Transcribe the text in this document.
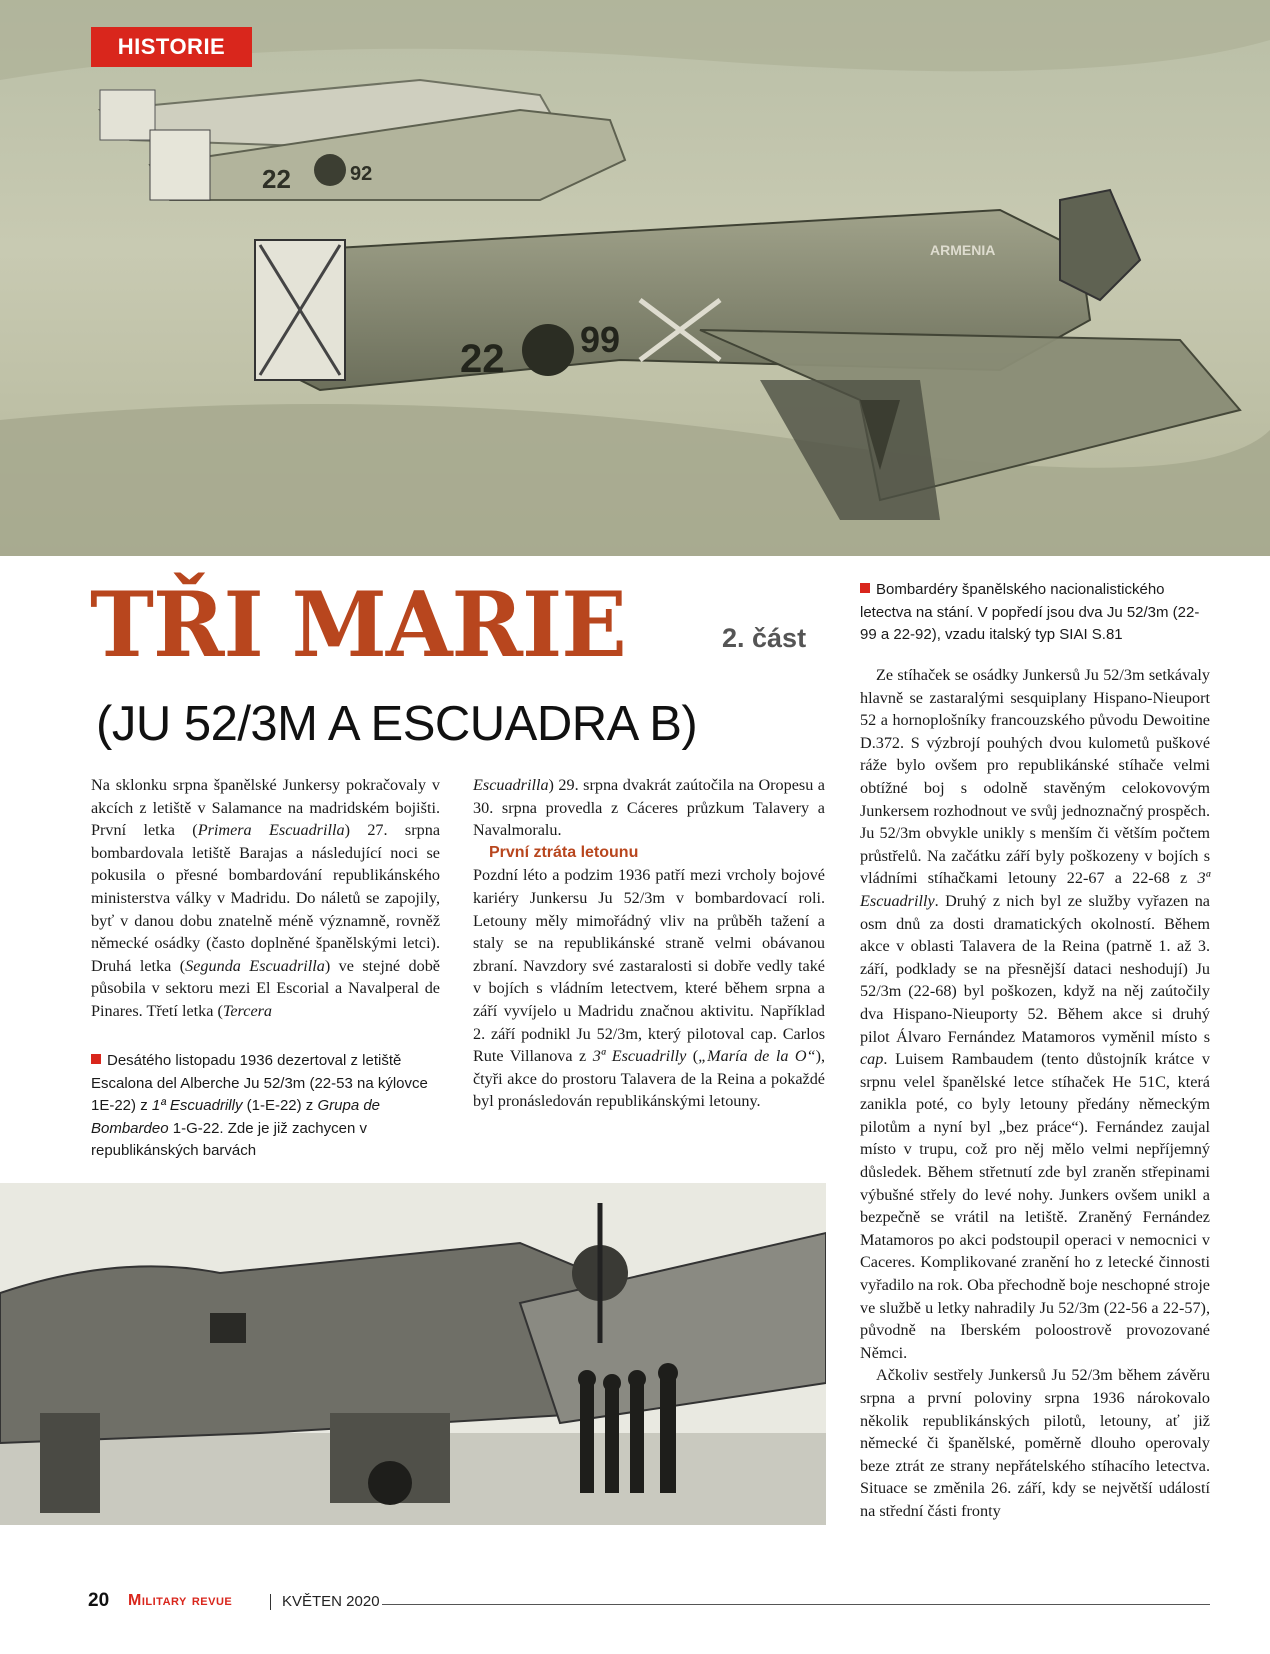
22	92
22 99
ARMENIA
HISTORIE
TŘI MARIE	2. část
(JU 52/3M A ESCUADRA B)
Bombardéry španělského nacionalistického letectva na stání. V popředí jsou dva Ju 52/3m (22-99 a 22-92), vzadu italský typ SIAI S.81
Desátého listopadu 1936 dezertoval z letiště Escalona del Alberche Ju 52/3m (22-53 na kýlovce 1E-22) z 1ª Escuadrilly (1-E-22) z Grupa de Bombardeo 1-G-22. Zde je již zachycen v republikánských barvách

Na sklonku srpna španělské Junkersy pokračovaly v akcích z letiště v Salamance na madridském bojišti. První letka (Primera Escuadrilla) 27. srpna bombardovala letiště Barajas a následující noci se pokusila o přesné bombardování republikánského ministerstva války v Madridu. Do náletů se zapojily, byť v danou dobu znatelně méně významně, rovněž německé osádky (často doplněné španělskými letci). Druhá letka (Segunda Escuadrilla) ve stejné době působila v sektoru mezi El Escorial a Navalperal de Pinares. Třetí letka (Tercera

Escuadrilla) 29. srpna dvakrát zaútočila na Oropesu a 30. srpna provedla z Cáceres průzkum Talavery a Navalmoralu.

První ztráta letounu

Pozdní léto a podzim 1936 patří mezi vrcholy bojové kariéry Junkersu Ju 52/3m v bombardovací roli. Letouny měly mimořádný vliv na průběh tažení a staly se na republikánské straně velmi obávanou zbraní. Navzdory své zastaralosti si dobře vedly také v bojích s vládním letectvem, které během srpna a září vyvíjelo u Madridu značnou aktivitu. Například 2. září podnikl Ju 52/3m, který pilotoval cap. Carlos Rute Villanova z 3ª Escuadrilly („María de la O“), čtyři akce do prostoru Talavera de la Reina a pokaždé byl pronásledován republikánskými letouny.

Ze stíhaček se osádky Junkersů Ju 52/3m setkávaly hlavně se zastaralými sesquiplany Hispano-Nieuport 52 a hornoplošníky francouzského původu Dewoitine D.372. S výzbrojí pouhých dvou kulometů puškové ráže bylo ovšem pro republikánské stíhače velmi obtížné boj s odolně stavěným celokovovým Junkersem rozhodnout ve svůj jednoznačný prospěch. Ju 52/3m obvykle unikly s menším či větším počtem průstřelů. Na začátku září byly poškozeny v bojích s vládními stíhačkami letouny 22-67 a 22-68 z 3ª Escuadrilly. Druhý z nich byl ze služby vyřazen na osm dnů za dosti dramatických okolností. Během akce v oblasti Talavera de la Reina (patrně 1. až 3. září, podklady se na přesnější dataci neshodují) Ju 52/3m (22-68) byl poškozen, když na něj zaútočily dva Hispano-Nieuporty 52. Během akce si druhý pilot Álvaro Fernández Matamoros vyměnil místo s cap. Luisem Rambaudem (tento důstojník krátce v srpnu velel španělské letce stíhaček He 51C, která zanikla poté, co byly letouny předány německým pilotům a nyní byl „bez práce“). Fernández zaujal místo v trupu, což pro něj mělo velmi nepříjemný důsledek. Během střetnutí zde byl zraněn střepinami výbušné střely do levé nohy. Junkers ovšem unikl a bezpečně se vrátil na letiště. Zraněný Fernández Matamoros po akci podstoupil operaci v nemocnici v Caceres. Komplikované zranění ho z letecké činnosti vyřadilo na rok. Oba přechodně boje neschopné stroje ve službě u letky nahradily Ju 52/3m (22-56 a 22-57), původně na Iberském poloostrově provozované Němci.

Ačkoliv sestřely Junkersů Ju 52/3m během závěru srpna a první poloviny srpna 1936 nárokovalo několik republikánských pilotů, letouny, ať již německé či španělské, poměrně dlouho operovaly beze ztrát ze strany nepřátelského stíhacího letectva. Situace se změnila 26. září, kdy se největší událostí na střední části fronty

20 Military revue	KVĚTEN 2020
